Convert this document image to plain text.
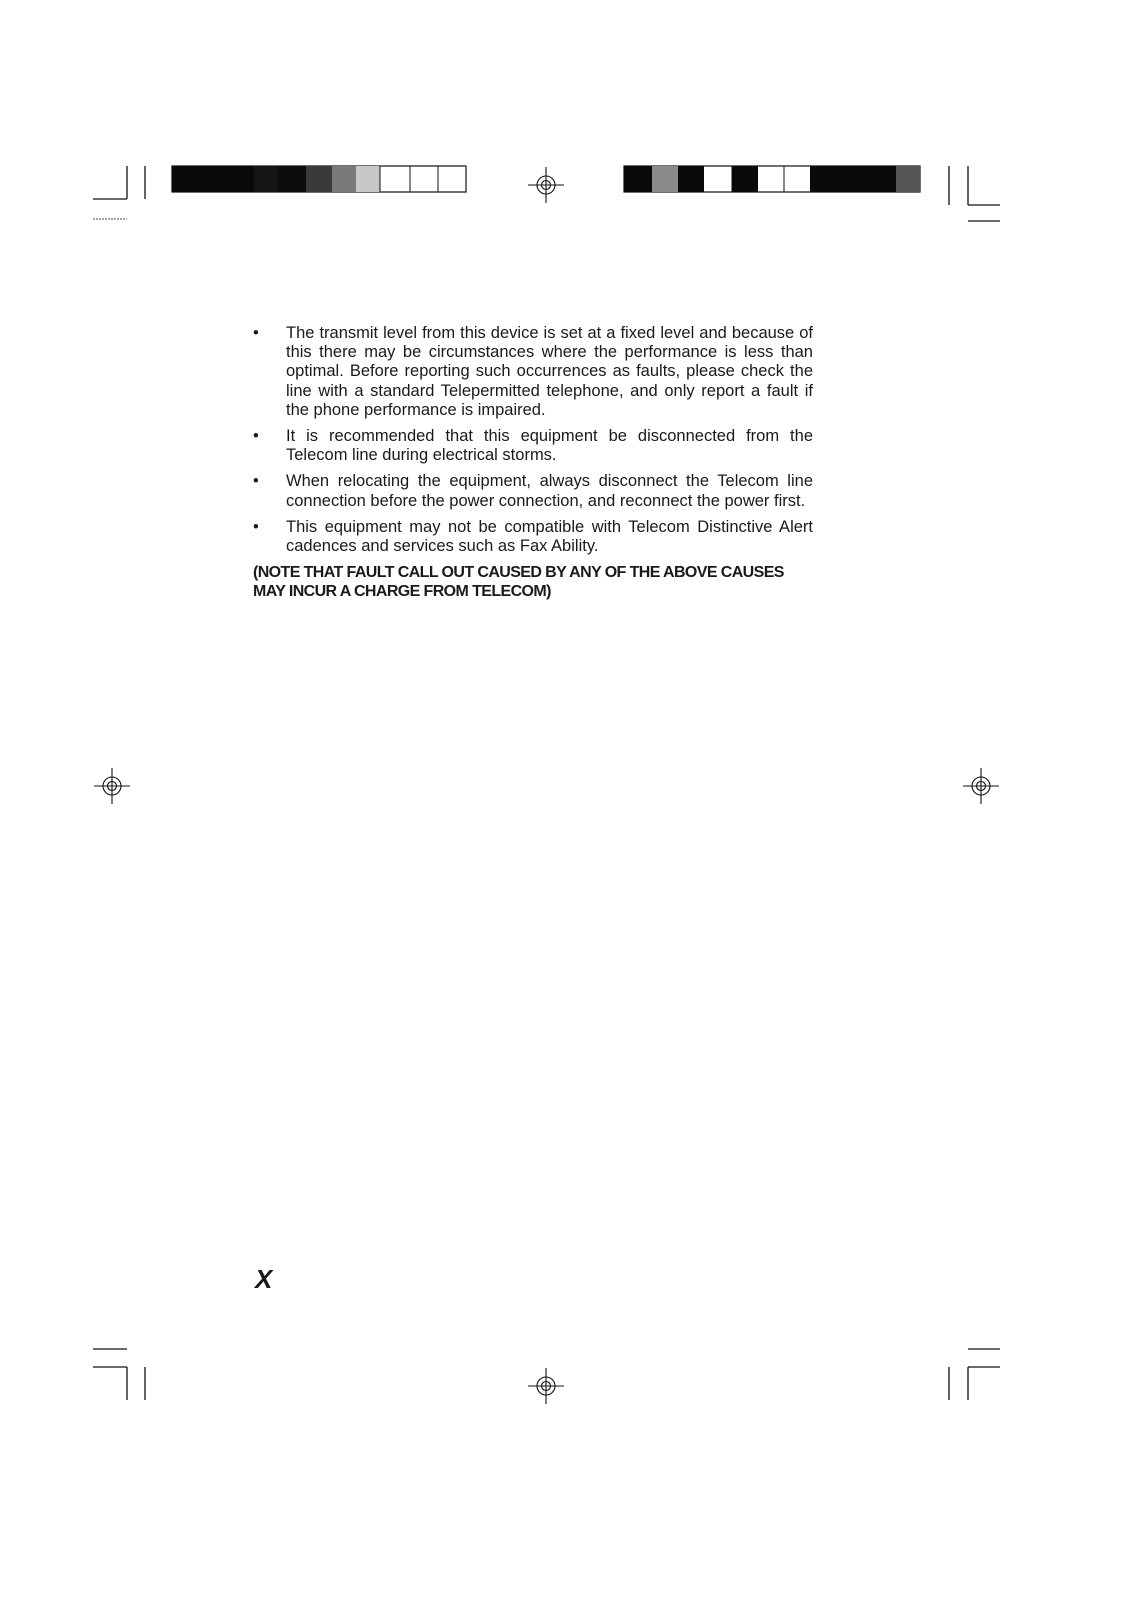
• The transmit level from this device is set at a fixed level and because of this there may be circumstances where the performance is less than optimal. Before reporting such occurrences as faults, please check the line with a standard Telepermitted telephone, and only report a fault if the phone performance is impaired.
• It is recommended that this equipment be disconnected from the Telecom line during electrical storms.
• When relocating the equipment, always disconnect the Telecom line connection before the power connection, and reconnect the power first.
• This equipment may not be compatible with Telecom Distinctive Alert cadences and services such as Fax Ability.
(NOTE THAT FAULT CALL OUT CAUSED BY ANY OF THE ABOVE CAUSES
MAY INCUR A CHARGE FROM TELECOM)
X
